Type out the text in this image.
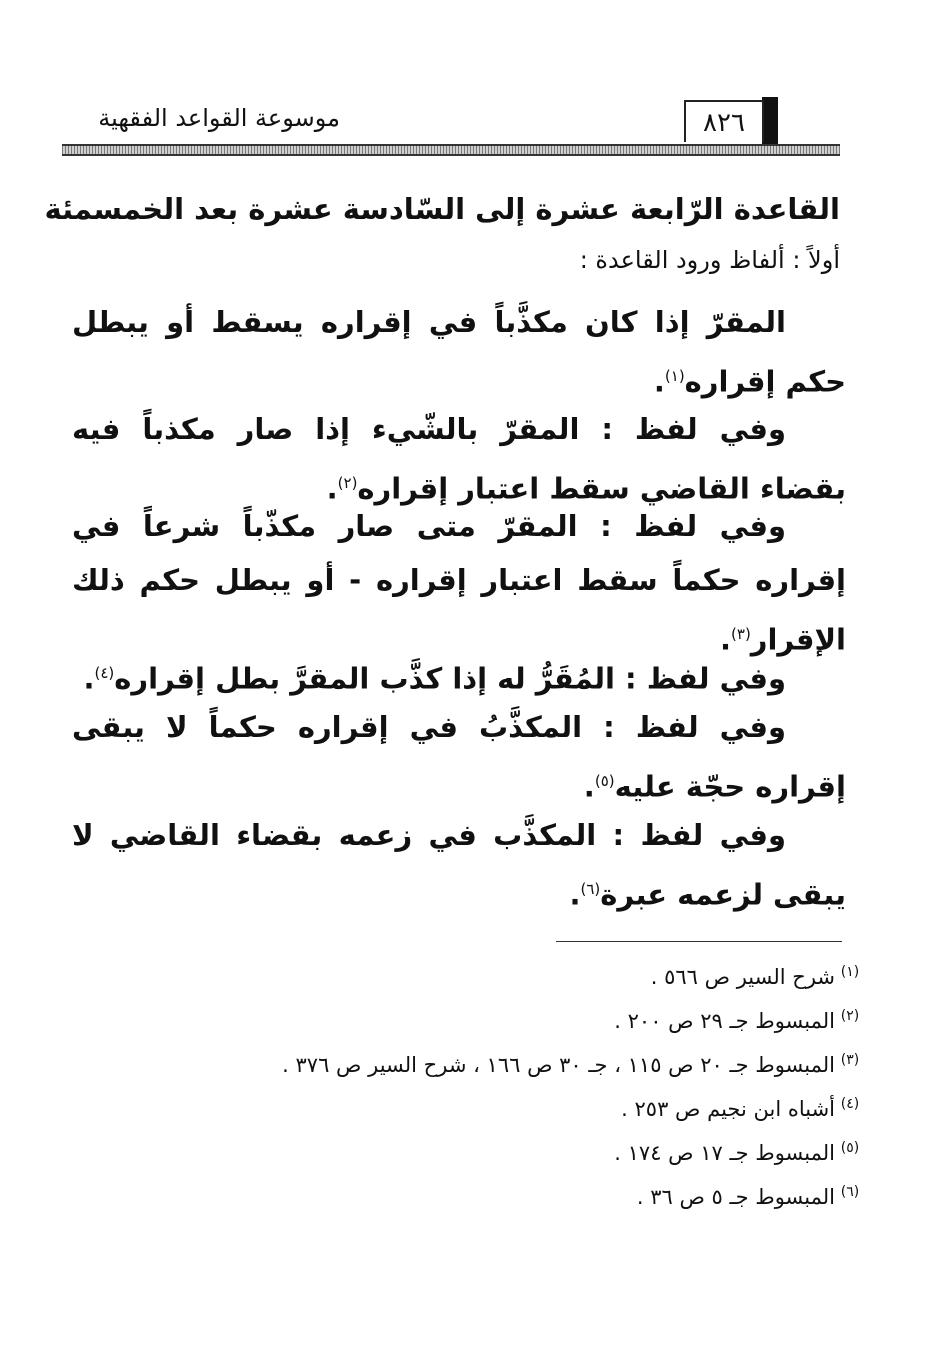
٨٢٦
موسوعة القواعد الفقهية
القاعدة الرّابعة عشرة إلى السّادسة عشرة بعد الخمسمئة
أولاً : ألفاظ ورود القاعدة :
المقرّ إذا كان مكذَّباً في إقراره يسقط أو يبطل حكم إقراره$^{(١)}$.
وفي لفظ : المقرّ بالشّيء إذا صار مكذباً فيه بقضاء القاضي سقط اعتبار إقراره$^{(٢)}$.
وفي لفظ : المقرّ متى صار مكذّباً شرعاً في إقراره حكماً سقط اعتبار إقراره - أو يبطل حكم ذلك الإقرار$^{(٣)}$.
وفي لفظ : المُقَرُّ له إذا كذَّب المقرَّ بطل إقراره$^{(٤)}$.
وفي لفظ : المكذَّبُ في إقراره حكماً لا يبقى إقراره حجّة عليه$^{(٥)}$.
وفي لفظ : المكذَّب في زعمه بقضاء القاضي لا يبقى لزعمه عبرة$^{(٦)}$.
(١)شرح السير ص ٥٦٦ .
(٢)المبسوط جـ ٢٩ ص ٢٠٠ .
(٣)المبسوط جـ ٢٠ ص ١١٥ ، جـ ٣٠ ص ١٦٦ ، شرح السير ص ٣٧٦ .
(٤)أشباه ابن نجيم ص ٢٥٣ .
(٥)المبسوط جـ ١٧ ص ١٧٤ .
(٦)المبسوط جـ ٥ ص ٣٦ .
